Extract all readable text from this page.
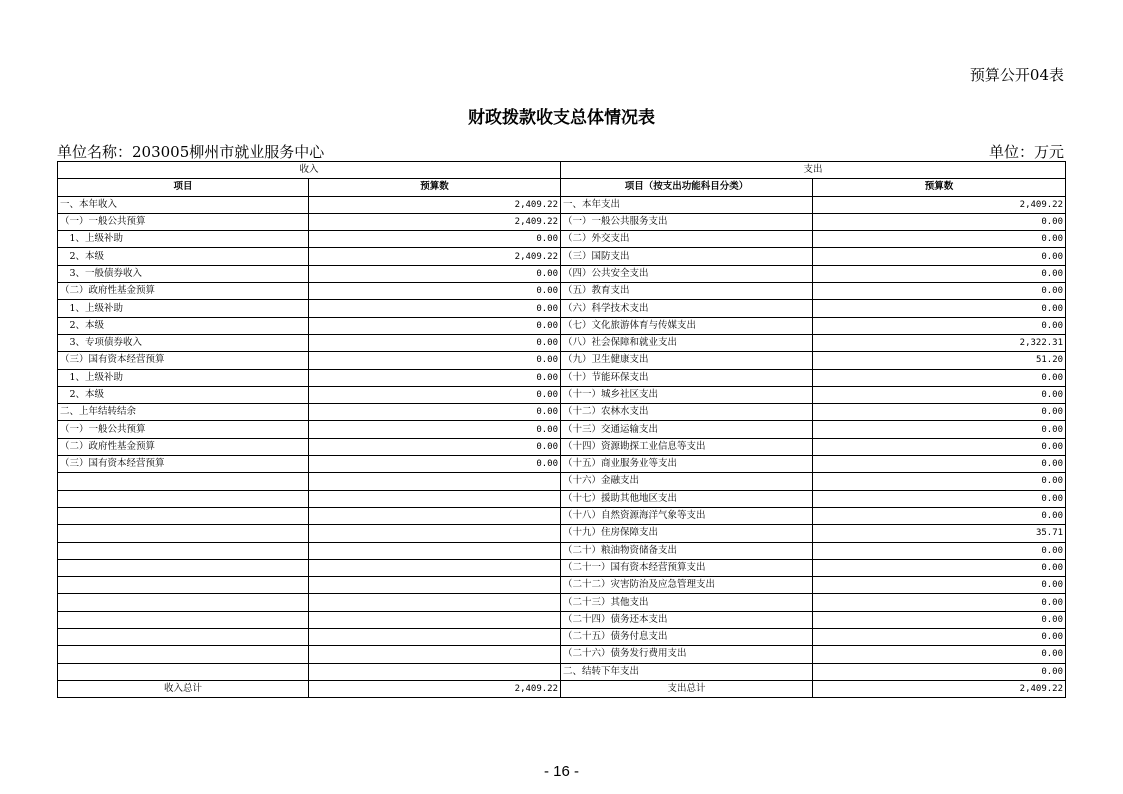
预算公开04表
财政拨款收支总体情况表
单位名称：203005柳州市就业服务中心	单位：万元
收入		支出	
项目	预算数	项目（按支出功能科目分类）	预算数
一、本年收入	2,409.22	一、本年支出	2,409.22
（一）一般公共预算	2,409.22	（一）一般公共服务支出	0.00
　1、上级补助	0.00	（二）外交支出	0.00
　2、本级	2,409.22	（三）国防支出	0.00
　3、一般债券收入	0.00	（四）公共安全支出	0.00
（二）政府性基金预算	0.00	（五）教育支出	0.00
　1、上级补助	0.00	（六）科学技术支出	0.00
　2、本级	0.00	（七）文化旅游体育与传媒支出	0.00
　3、专项债券收入	0.00	（八）社会保障和就业支出	2,322.31
（三）国有资本经营预算	0.00	（九）卫生健康支出	51.20
　1、上级补助	0.00	（十）节能环保支出	0.00
　2、本级	0.00	（十一）城乡社区支出	0.00
二、上年结转结余	0.00	（十二）农林水支出	0.00
（一）一般公共预算	0.00	（十三）交通运输支出	0.00
（二）政府性基金预算	0.00	（十四）资源勘探工业信息等支出	0.00
（三）国有资本经营预算	0.00	（十五）商业服务业等支出	0.00
		（十六）金融支出	0.00
		（十七）援助其他地区支出	0.00
		（十八）自然资源海洋气象等支出	0.00
		（十九）住房保障支出	35.71
		（二十）粮油物资储备支出	0.00
		（二十一）国有资本经营预算支出	0.00
		（二十二）灾害防治及应急管理支出	0.00
		（二十三）其他支出	0.00
		（二十四）债务还本支出	0.00
		（二十五）债务付息支出	0.00
		（二十六）债务发行费用支出	0.00
		二、结转下年支出	0.00
收入总计	2,409.22	支出总计	2,409.22
- 16 -
